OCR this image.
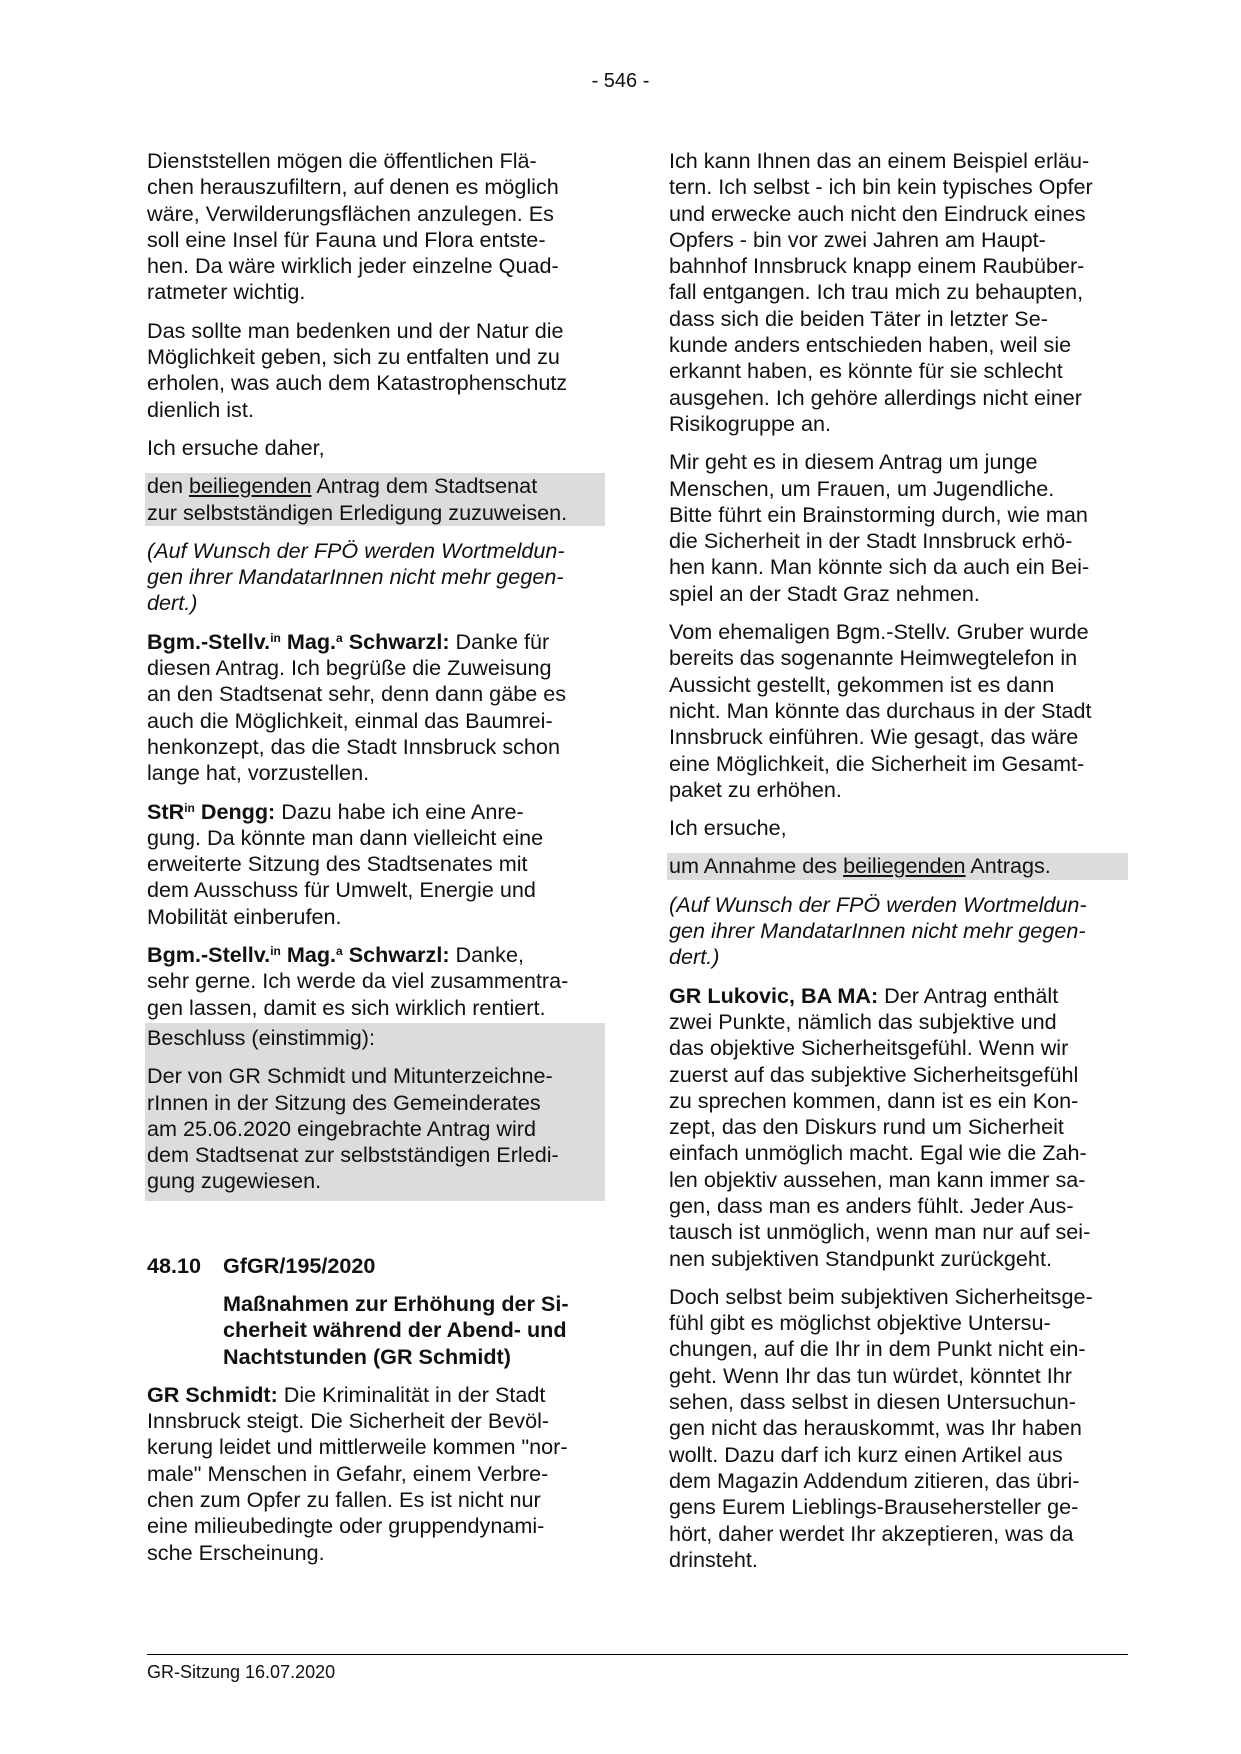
- 546 -

Dienststellen mögen die öffentlichen Flä-
chen herauszufiltern, auf denen es möglich
wäre, Verwilderungsflächen anzulegen. Es
soll eine Insel für Fauna und Flora entste-
hen. Da wäre wirklich jeder einzelne Quad-
ratmeter wichtig.

Das sollte man bedenken und der Natur die
Möglichkeit geben, sich zu entfalten und zu
erholen, was auch dem Katastrophenschutz
dienlich ist.

Ich ersuche daher,

den beiliegenden Antrag dem Stadtsenat
zur selbstständigen Erledigung zuzuweisen.

(Auf Wunsch der FPÖ werden Wortmeldun-
gen ihrer MandatarInnen nicht mehr gegen-
dert.)

Bgm.-Stellv.$^{in}$ Mag.$^a$ Schwarzl: Danke für
diesen Antrag. Ich begrüße die Zuweisung
an den Stadtsenat sehr, denn dann gäbe es
auch die Möglichkeit, einmal das Baumrei-
henkonzept, das die Stadt Innsbruck schon
lange hat, vorzustellen.

StR$^{in}$ Dengg: Dazu habe ich eine Anre-
gung. Da könnte man dann vielleicht eine
erweiterte Sitzung des Stadtsenates mit
dem Ausschuss für Umwelt, Energie und
Mobilität einberufen.

Bgm.-Stellv.$^{in}$ Mag.$^a$ Schwarzl: Danke,
sehr gerne. Ich werde da viel zusammentra-
gen lassen, damit es sich wirklich rentiert.

Beschluss (einstimmig):

Der von GR Schmidt und Mitunterzeichne-
rInnen in der Sitzung des Gemeinderates
am 25.06.2020 eingebrachte Antrag wird
dem Stadtsenat zur selbstständigen Erledi-
gung zugewiesen.

48.10 GfGR/195/2020

Maßnahmen zur Erhöhung der Si-
cherheit während der Abend- und
Nachtstunden (GR Schmidt)

GR Schmidt: Die Kriminalität in der Stadt
Innsbruck steigt. Die Sicherheit der Bevöl-
kerung leidet und mittlerweile kommen "nor-
male" Menschen in Gefahr, einem Verbre-
chen zum Opfer zu fallen. Es ist nicht nur
eine milieubedingte oder gruppendynami-
sche Erscheinung.

Ich kann Ihnen das an einem Beispiel erläu-
tern. Ich selbst - ich bin kein typisches Opfer
und erwecke auch nicht den Eindruck eines
Opfers - bin vor zwei Jahren am Haupt-
bahnhof Innsbruck knapp einem Raubüber-
fall entgangen. Ich trau mich zu behaupten,
dass sich die beiden Täter in letzter Se-
kunde anders entschieden haben, weil sie
erkannt haben, es könnte für sie schlecht
ausgehen. Ich gehöre allerdings nicht einer
Risikogruppe an.

Mir geht es in diesem Antrag um junge
Menschen, um Frauen, um Jugendliche.
Bitte führt ein Brainstorming durch, wie man
die Sicherheit in der Stadt Innsbruck erhö-
hen kann. Man könnte sich da auch ein Bei-
spiel an der Stadt Graz nehmen.

Vom ehemaligen Bgm.-Stellv. Gruber wurde
bereits das sogenannte Heimwegtelefon in
Aussicht gestellt, gekommen ist es dann
nicht. Man könnte das durchaus in der Stadt
Innsbruck einführen. Wie gesagt, das wäre
eine Möglichkeit, die Sicherheit im Gesamt-
paket zu erhöhen.

Ich ersuche,

um Annahme des beiliegenden Antrags.

(Auf Wunsch der FPÖ werden Wortmeldun-
gen ihrer MandatarInnen nicht mehr gegen-
dert.)

GR Lukovic, BA MA: Der Antrag enthält
zwei Punkte, nämlich das subjektive und
das objektive Sicherheitsgefühl. Wenn wir
zuerst auf das subjektive Sicherheitsgefühl
zu sprechen kommen, dann ist es ein Kon-
zept, das den Diskurs rund um Sicherheit
einfach unmöglich macht. Egal wie die Zah-
len objektiv aussehen, man kann immer sa-
gen, dass man es anders fühlt. Jeder Aus-
tausch ist unmöglich, wenn man nur auf sei-
nen subjektiven Standpunkt zurückgeht.

Doch selbst beim subjektiven Sicherheitsge-
fühl gibt es möglichst objektive Untersu-
chungen, auf die Ihr in dem Punkt nicht ein-
geht. Wenn Ihr das tun würdet, könntet Ihr
sehen, dass selbst in diesen Untersuchun-
gen nicht das herauskommt, was Ihr haben
wollt. Dazu darf ich kurz einen Artikel aus
dem Magazin Addendum zitieren, das übri-
gens Eurem Lieblings-Brausehersteller ge-
hört, daher werdet Ihr akzeptieren, was da
drinsteht.

GR-Sitzung 16.07.2020
